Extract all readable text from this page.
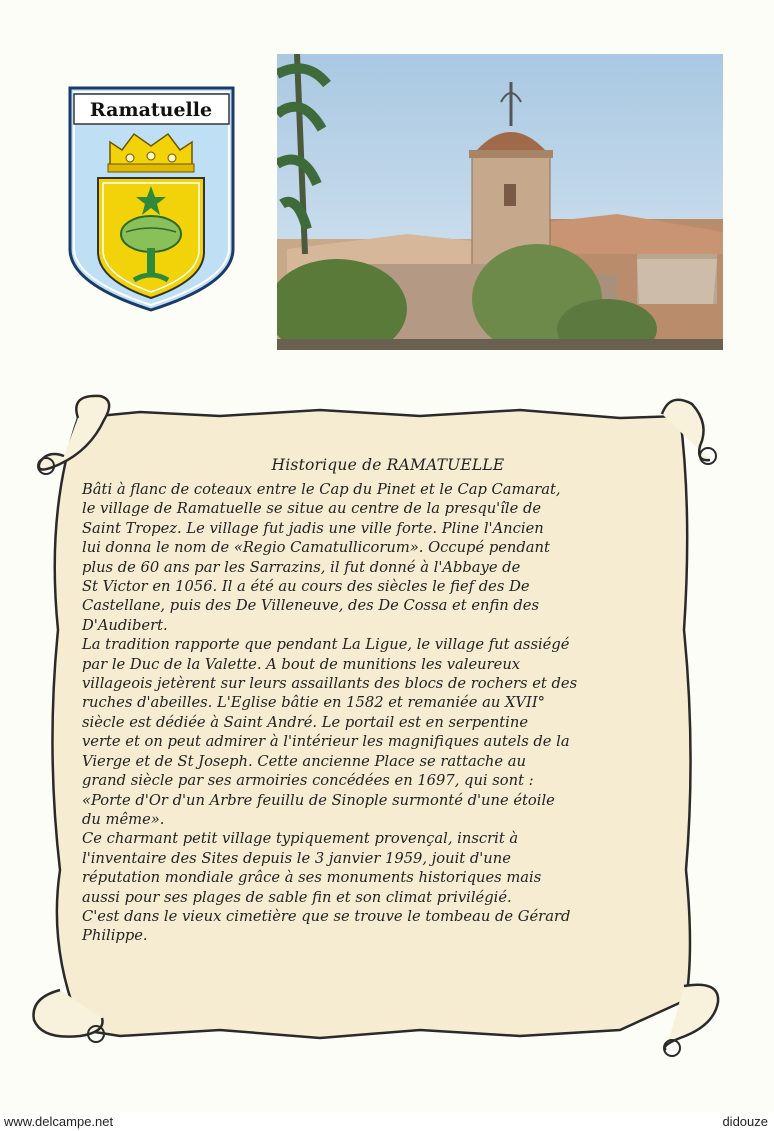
Ramatuelle
Historique de RAMATUELLE
Bâti à flanc de coteaux entre le Cap du Pinet et le Cap Camarat,
le village de Ramatuelle se situe au centre de la presqu'île de
Saint Tropez. Le village fut jadis une ville forte. Pline l'Ancien
lui donna le nom de «Regio Camatullicorum». Occupé pendant
plus de 60 ans par les Sarrazins, il fut donné à l'Abbaye de
St Victor en 1056. Il a été au cours des siècles le fief des De
Castellane, puis des De Villeneuve, des De Cossa et enfin des
D'Audibert.
La tradition rapporte que pendant La Ligue, le village fut assiégé
par le Duc de la Valette. A bout de munitions les valeureux
villageois jetèrent sur leurs assaillants des blocs de rochers et des
ruches d'abeilles. L'Eglise bâtie en 1582 et remaniée au XVII°
siècle est dédiée à Saint André. Le portail est en serpentine
verte et on peut admirer à l'intérieur les magnifiques autels de la
Vierge et de St Joseph. Cette ancienne Place se rattache au
grand siècle par ses armoiries concédées en 1697, qui sont :
«Porte d'Or d'un Arbre feuillu de Sinople surmonté d'une étoile
du même».
Ce charmant petit village typiquement provençal, inscrit à
l'inventaire des Sites depuis le 3 janvier 1959, jouit d'une
réputation mondiale grâce à ses monuments historiques mais
aussi pour ses plages de sable fin et son climat privilégié.
C'est dans le vieux cimetière que se trouve le tombeau de Gérard
Philippe.
www.delcampe.net	didouze
